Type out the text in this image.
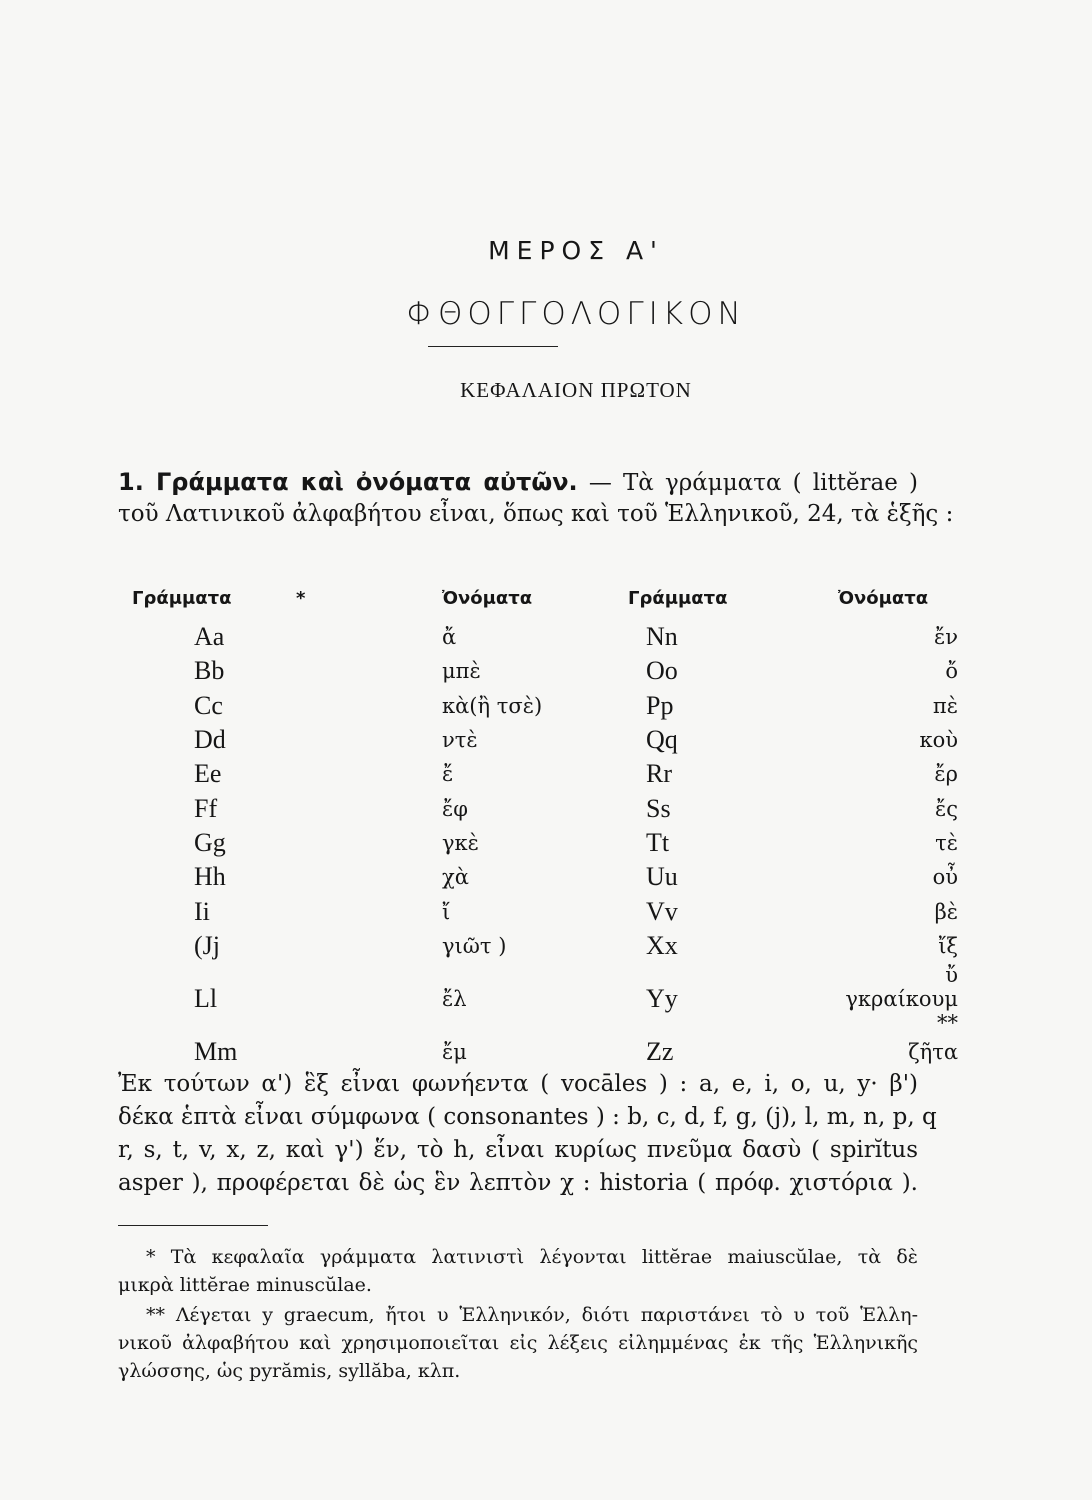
ΜΕΡΟΣ Α'
ΦΘΟΓΓΟΛΟΓΙΚΟΝ
ΚΕΦΑΛΑΙΟΝ ΠΡΩΤΟΝ
1. Γράμματα καὶ ὀνόματα αὐτῶν. — Τὰ γράμματα ( littĕrae )
τοῦ Λατινικοῦ ἀλφαβήτου εἶναι, ὅπως καὶ τοῦ Ἑλληνικοῦ, 24, τὰ ἑξῆς :
Γράμματα	*	Ὀνόματα	Γράμματα	Ὀνόματα
Aa		ἄ	Nn	ἔν
Bb		μπὲ	Oo	ὄ
Cc		κὰ(ἢ τσὲ)	Pp	πὲ
Dd		ντὲ	Qq	κοὺ
Ee		ἔ	Rr	ἔρ
Ff		ἔφ	Ss	ἔς
Gg		γκὲ	Tt	τὲ
Hh		χὰ	Uu	οὖ
Ii		ἴ	Vv	βὲ
(Jj		γιῶτ )	Xx	ἴξ
Ll		ἔλ	Yy	ὔ γκραίκουμ **
Mm		ἔμ	Zz	ζῆτα
Ἐκ τούτων α') ἓξ εἶναι φωνήεντα ( vocāles ) : a, e, i, o, u, y· β')
δέκα ἑπτὰ εἶναι σύμφωνα ( consonantes ) : b, c, d, f, g, (j), l, m, n, p, q
r, s, t, v, x, z, καὶ γ') ἕν, τὸ h, εἶναι κυρίως πνεῦμα δασὺ ( spirĭtus
asper ), προφέρεται δὲ ὡς ἓν λεπτὸν χ : historia ( πρόφ. χιστόρια ).
* Τὰ κεφαλαῖα γράμματα λατινιστὶ λέγονται littĕrae maiuscŭlae, τὰ δὲ
μικρὰ littĕrae minuscŭlae.
** Λέγεται y graecum, ἤτοι υ Ἑλληνικόν, διότι παριστάνει τὸ υ τοῦ Ἑλλη-
νικοῦ ἀλφαβήτου καὶ χρησιμοποιεῖται εἰς λέξεις εἰλημμένας ἐκ τῆς Ἑλληνικῆς
γλώσσης, ὡς pyrămis, syllăba, κλπ.
